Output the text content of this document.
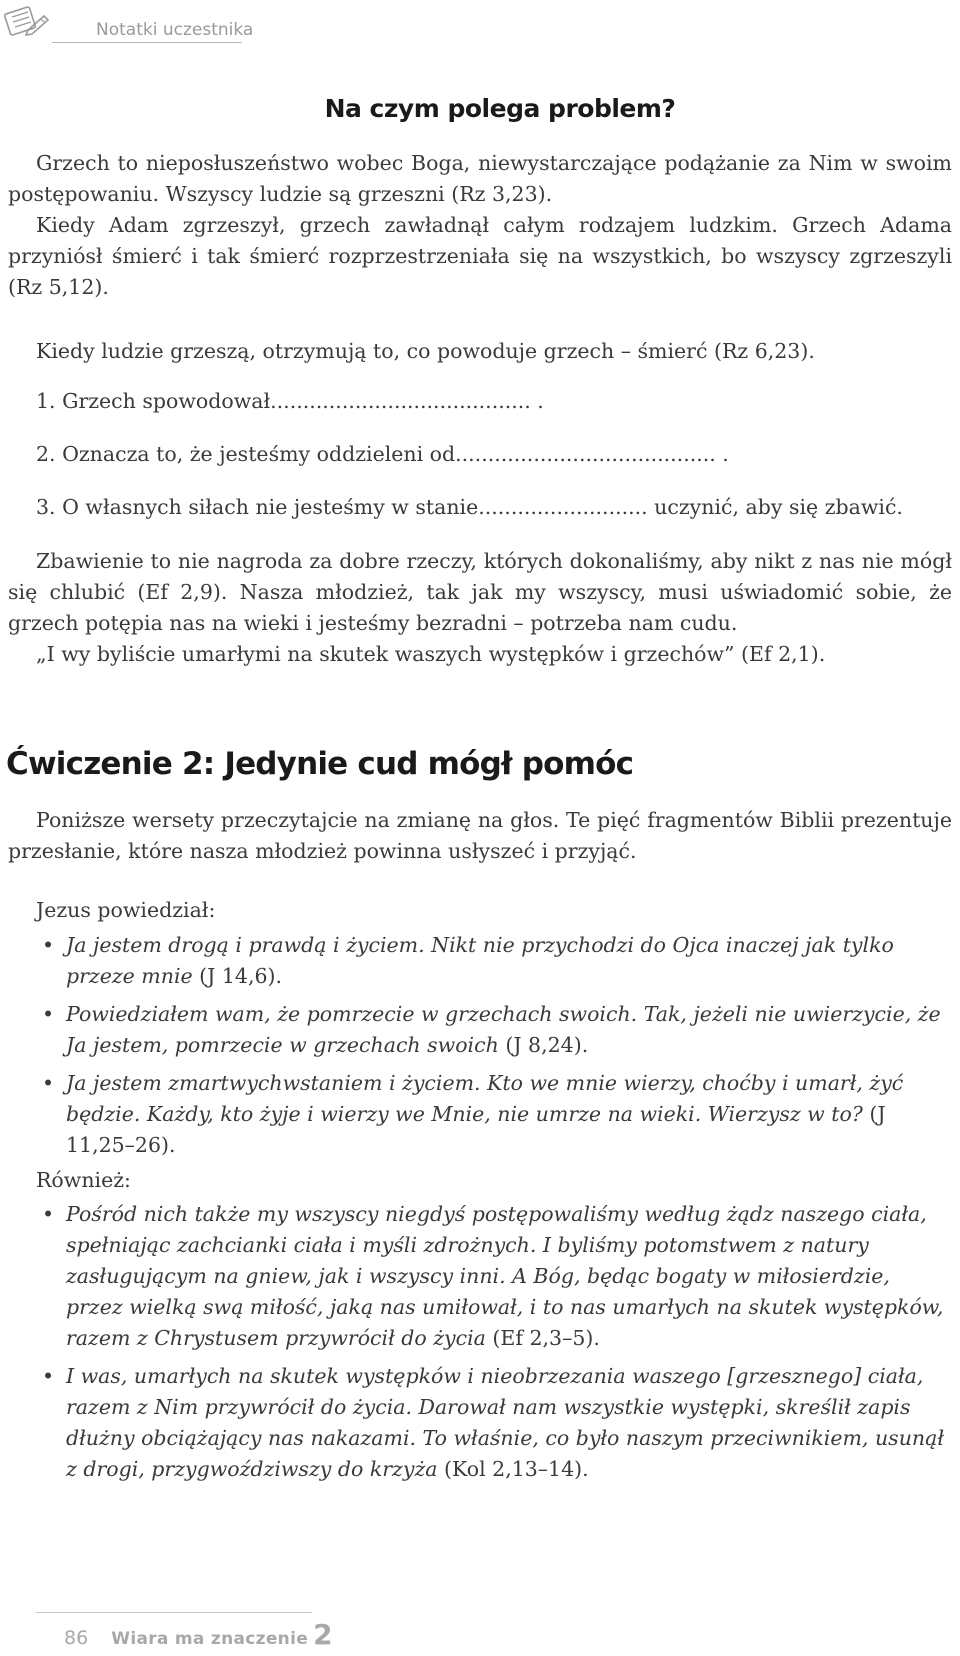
Notatki uczestnika
Na czym polega problem?

Grzech to nieposłuszeństwo wobec Boga, niewystarczające podążanie za Nim w swoim postępowaniu. Wszyscy ludzie są grzeszni (Rz 3,23).

Kiedy Adam zgrzeszył, grzech zawładnął całym rodzajem ludzkim. Grzech Adama przyniósł śmierć i tak śmierć rozprzestrzeniała się na wszystkich, bo wszyscy zgrzeszyli (Rz 5,12).

Kiedy ludzie grzeszą, otrzymują to, co powoduje grzech – śmierć (Rz 6,23).

1. Grzech spowodował........................................ .
2. Oznacza to, że jesteśmy oddzieleni od........................................ .
3. O własnych siłach nie jesteśmy w stanie.......................... uczynić, aby się zbawić.

Zbawienie to nie nagroda za dobre rzeczy, których dokonaliśmy, aby nikt z nas nie mógł się chlubić (Ef 2,9). Nasza młodzież, tak jak my wszyscy, musi uświadomić sobie, że grzech potępia nas na wieki i jesteśmy bezradni – potrzeba nam cudu.

„I wy byliście umarłymi na skutek waszych występków i grzechów” (Ef 2,1).

Ćwiczenie 2: Jedynie cud mógł pomóc

Poniższe wersety przeczytajcie na zmianę na głos. Te pięć fragmentów Biblii prezentuje przesłanie, które nasza młodzież powinna usłyszeć i przyjąć.

Jezus powiedział:
• Ja jestem drogą i prawdą i życiem. Nikt nie przychodzi do Ojca inaczej jak tylko przeze mnie (J 14,6).
• Powiedziałem wam, że pomrzecie w grzechach swoich. Tak, jeżeli nie uwierzycie, że Ja jestem, pomrzecie w grzechach swoich (J 8,24).
• Ja jestem zmartwychwstaniem i życiem. Kto we mnie wierzy, choćby i umarł, żyć będzie. Każdy, kto żyje i wierzy we Mnie, nie umrze na wieki. Wierzysz w to? (J 11,25–26).
Również:
• Pośród nich także my wszyscy niegdyś postępowaliśmy według żądz naszego ciała, spełniając zachcianki ciała i myśli zdrożnych. I byliśmy potomstwem z natury zasługującym na gniew, jak i wszyscy inni. A Bóg, będąc bogaty w miłosierdzie, przez wielką swą miłość, jaką nas umiłował, i to nas umarłych na skutek występków, razem z Chrystusem przywrócił do życia (Ef 2,3–5).
• I was, umarłych na skutek występków i nieobrzezania waszego [grzesznego] ciała, razem z Nim przywrócił do życia. Darował nam wszystkie występki, skreślił zapis dłużny obciążający nas nakazami. To właśnie, co było naszym przeciwnikiem, usunął z drogi, przygwoździwszy do krzyża (Kol 2,13–14).
86 Wiara ma znaczenie 2
